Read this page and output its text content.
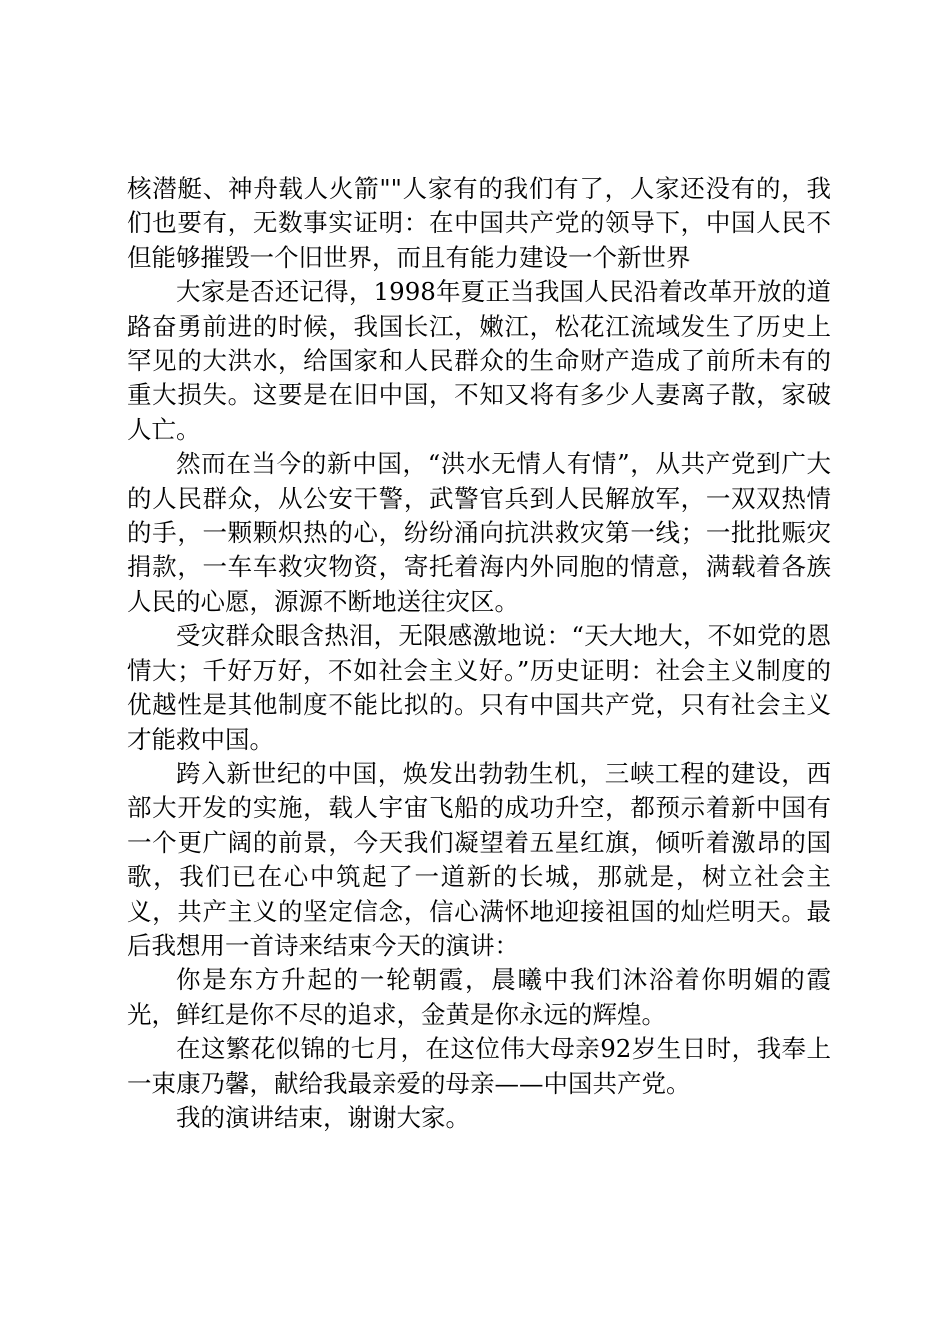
核潜艇、神舟载人火箭""人家有的我们有了，人家还没有的，我们也要有，无数事实证明：在中国共产党的领导下，中国人民不但能够摧毁一个旧世界，而且有能力建设一个新世界

大家是否还记得，1998年夏正当我国人民沿着改革开放的道路奋勇前进的时候，我国长江，嫩江，松花江流域发生了历史上罕见的大洪水，给国家和人民群众的生命财产造成了前所未有的重大损失。这要是在旧中国，不知又将有多少人妻离子散，家破人亡。

然而在当今的新中国，“洪水无情人有情”，从共产党到广大的人民群众，从公安干警，武警官兵到人民解放军，一双双热情的手，一颗颗炽热的心，纷纷涌向抗洪救灾第一线；一批批赈灾捐款，一车车救灾物资，寄托着海内外同胞的情意，满载着各族人民的心愿，源源不断地送往灾区。

受灾群众眼含热泪，无限感激地说：“天大地大，不如党的恩情大；千好万好，不如社会主义好。”历史证明：社会主义制度的优越性是其他制度不能比拟的。只有中国共产党，只有社会主义才能救中国。

跨入新世纪的中国，焕发出勃勃生机，三峡工程的建设，西部大开发的实施，载人宇宙飞船的成功升空，都预示着新中国有一个更广阔的前景，今天我们凝望着五星红旗，倾听着激昂的国歌，我们已在心中筑起了一道新的长城，那就是，树立社会主义，共产主义的坚定信念，信心满怀地迎接祖国的灿烂明天。最后我想用一首诗来结束今天的演讲：

你是东方升起的一轮朝霞，晨曦中我们沐浴着你明媚的霞光，鲜红是你不尽的追求，金黄是你永远的辉煌。

在这繁花似锦的七月，在这位伟大母亲92岁生日时，我奉上一束康乃馨，献给我最亲爱的母亲——中国共产党。

我的演讲结束，谢谢大家。
